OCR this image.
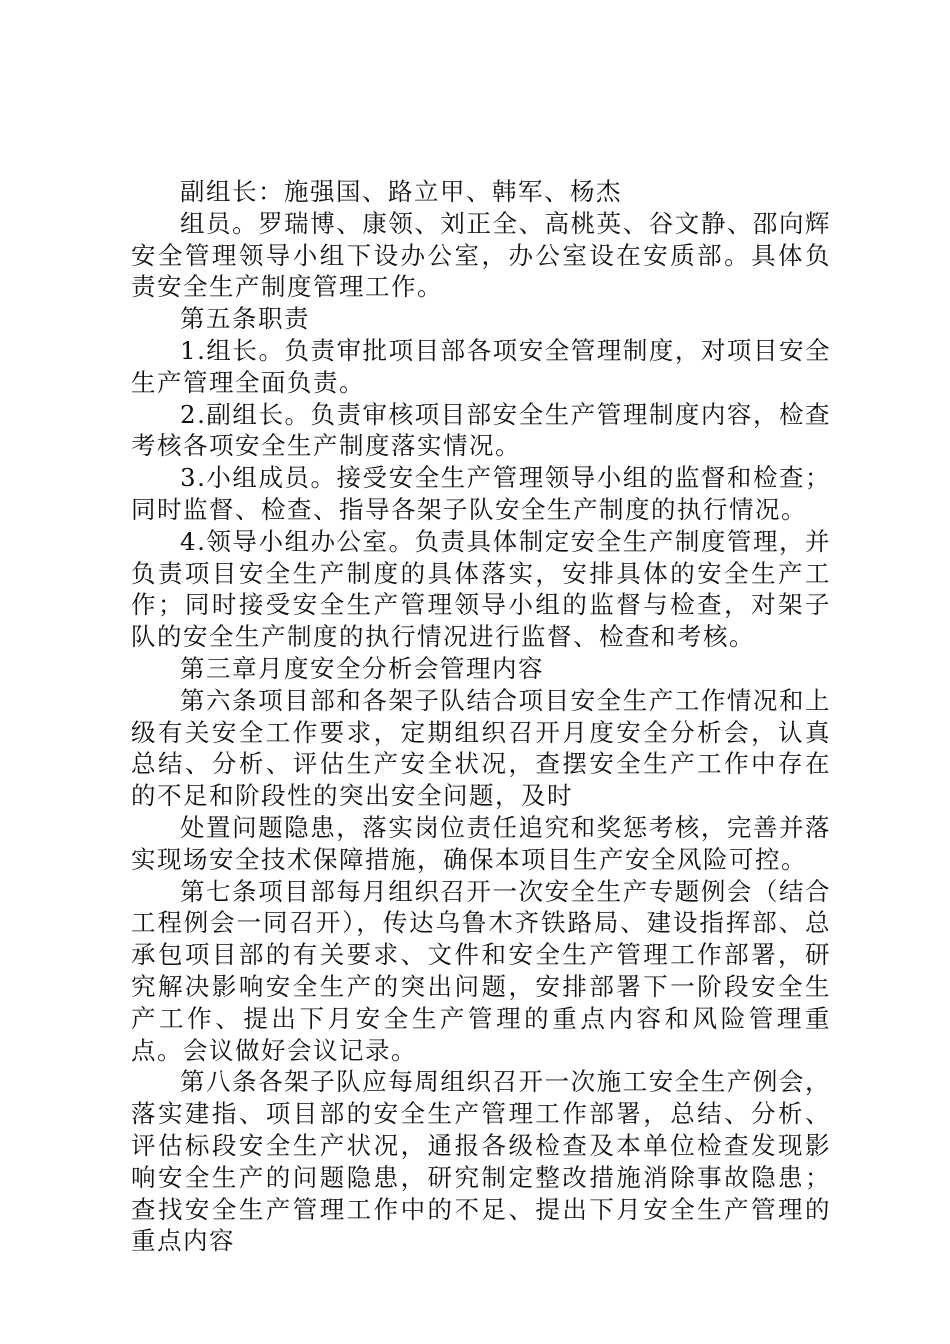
副组长：施强国、路立甲、韩军、杨杰

组员。罗瑞博、康领、刘正全、高桃英、谷文静、邵向辉安全管理领导小组下设办公室，办公室设在安质部。具体负责安全生产制度管理工作。

第五条职责

1.组长。负责审批项目部各项安全管理制度，对项目安全生产管理全面负责。

2.副组长。负责审核项目部安全生产管理制度内容，检查考核各项安全生产制度落实情况。

3.小组成员。接受安全生产管理领导小组的监督和检查；同时监督、检查、指导各架子队安全生产制度的执行情况。

4.领导小组办公室。负责具体制定安全生产制度管理，并负责项目安全生产制度的具体落实，安排具体的安全生产工作；同时接受安全生产管理领导小组的监督与检查，对架子队的安全生产制度的执行情况进行监督、检查和考核。

第三章月度安全分析会管理内容

第六条项目部和各架子队结合项目安全生产工作情况和上级有关安全工作要求，定期组织召开月度安全分析会，认真总结、分析、评估生产安全状况，查摆安全生产工作中存在的不足和阶段性的突出安全问题，及时

处置问题隐患，落实岗位责任追究和奖惩考核，完善并落实现场安全技术保障措施，确保本项目生产安全风险可控。

第七条项目部每月组织召开一次安全生产专题例会（结合工程例会一同召开），传达乌鲁木齐铁路局、建设指挥部、总承包项目部的有关要求、文件和安全生产管理工作部署，研究解决影响安全生产的突出问题，安排部署下一阶段安全生产工作、提出下月安全生产管理的重点内容和风险管理重点。会议做好会议记录。

第八条各架子队应每周组织召开一次施工安全生产例会，落实建指、项目部的安全生产管理工作部署，总结、分析、评估标段安全生产状况，通报各级检查及本单位检查发现影响安全生产的问题隐患，研究制定整改措施消除事故隐患；查找安全生产管理工作中的不足、提出下月安全生产管理的重点内容
